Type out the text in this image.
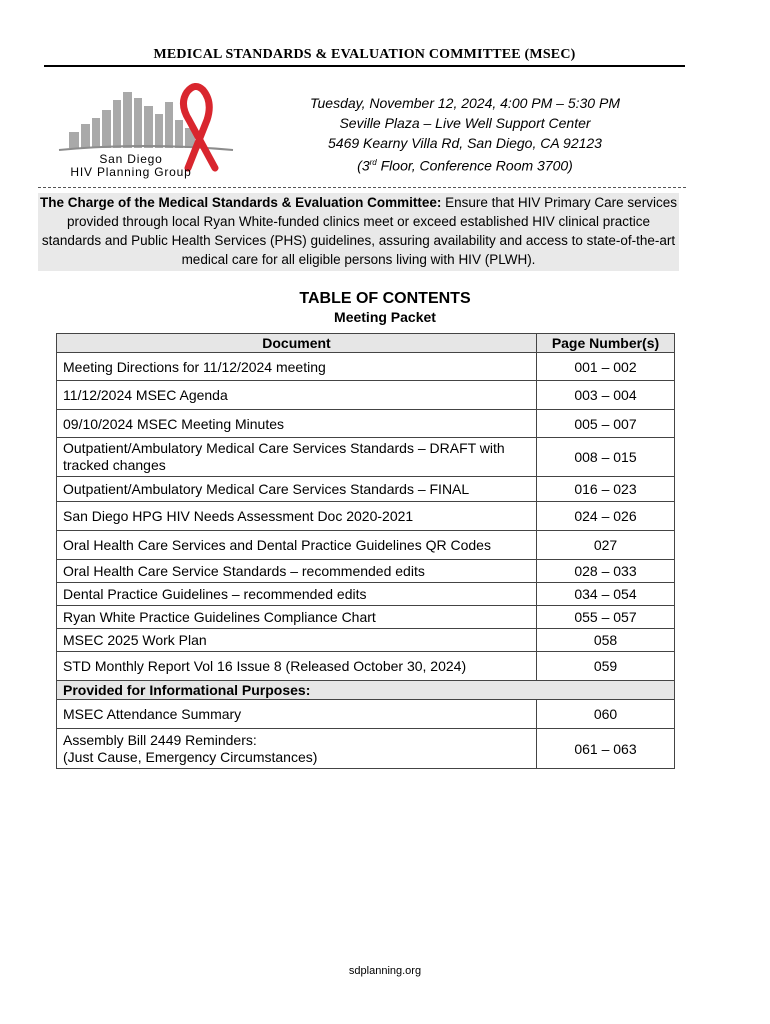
MEDICAL STANDARDS & EVALUATION COMMITTEE (MSEC)
San Diego
HIV Planning Group
Tuesday, November 12, 2024, 4:00 PM – 5:30 PM
Seville Plaza – Live Well Support Center
5469 Kearny Villa Rd, San Diego, CA 92123
(3rd Floor, Conference Room 3700)
The Charge of the Medical Standards & Evaluation Committee: Ensure that HIV Primary Care services provided through local Ryan White-funded clinics meet or exceed established HIV clinical practice standards and Public Health Services (PHS) guidelines, assuring availability and access to state-of-the-art medical care for all eligible persons living with HIV (PLWH).
TABLE OF CONTENTS
Meeting Packet
Document	Page Number(s)
Meeting Directions for 11/12/2024 meeting	001 – 002
11/12/2024 MSEC Agenda	003 – 004
09/10/2024 MSEC Meeting Minutes	005 – 007
Outpatient/Ambulatory Medical Care Services Standards – DRAFT with tracked changes	008 – 015
Outpatient/Ambulatory Medical Care Services Standards – FINAL	016 – 023
San Diego HPG HIV Needs Assessment Doc 2020-2021	024 – 026
Oral Health Care Services and Dental Practice Guidelines QR Codes	027
Oral Health Care Service Standards – recommended edits	028 – 033
Dental Practice Guidelines – recommended edits	034 – 054
Ryan White Practice Guidelines Compliance Chart	055 – 057
MSEC 2025 Work Plan	058
STD Monthly Report Vol 16 Issue 8 (Released October 30, 2024)	059
Provided for Informational Purposes:	
MSEC Attendance Summary	060

Assembly Bill 2449 Reminders:
(Just Cause, Emergency Circumstances)	061 – 063
sdplanning.org
